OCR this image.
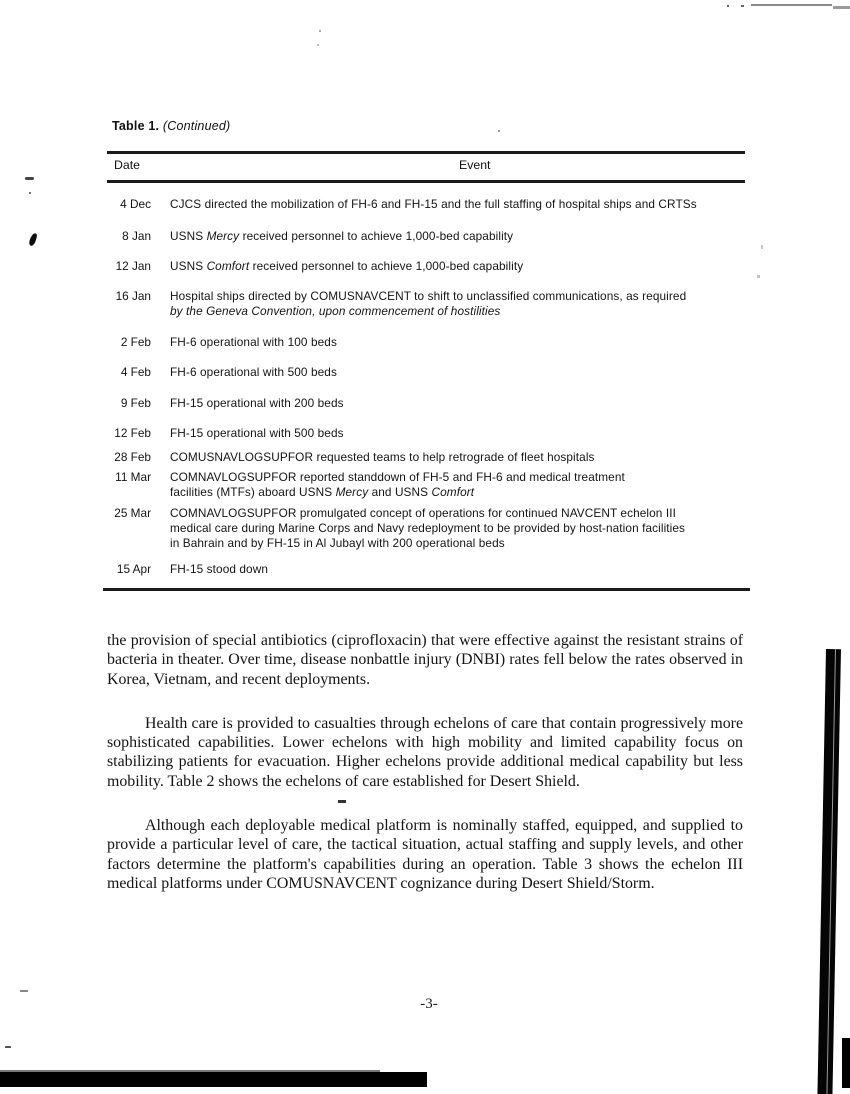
Table 1. (Continued)
Date	Event
4 Dec CJCS directed the mobilization of FH-6 and FH-15 and the full staffing of hospital ships and CRTSs
8 Jan USNS Mercy received personnel to achieve 1,000-bed capability
12 Jan USNS Comfort received personnel to achieve 1,000-bed capability
16 Jan Hospital ships directed by COMUSNAVCENT to shift to unclassified communications, as required
by the Geneva Convention, upon commencement of hostilities
2 Feb FH-6 operational with 100 beds
4 Feb FH-6 operational with 500 beds
9 Feb FH-15 operational with 200 beds
12 Feb FH-15 operational with 500 beds
28 Feb COMUSNAVLOGSUPFOR requested teams to help retrograde of fleet hospitals
11 Mar COMNAVLOGSUPFOR reported standdown of FH-5 and FH-6 and medical treatment
facilities (MTFs) aboard USNS Mercy and USNS Comfort
25 Mar COMNAVLOGSUPFOR promulgated concept of operations for continued NAVCENT echelon III
medical care during Marine Corps and Navy redeployment to be provided by host-nation facilities
in Bahrain and by FH-15 in Al Jubayl with 200 operational beds
15 Apr FH-15 stood down

the provision of special antibiotics (ciprofloxacin) that were effective against the resistant strains of bacteria in theater. Over time, disease nonbattle injury (DNBI) rates fell below the rates observed in Korea, Vietnam, and recent deployments.

Health care is provided to casualties through echelons of care that contain progressively more sophisticated capabilities. Lower echelons with high mobility and limited capability focus on stabilizing patients for evacuation. Higher echelons provide additional medical capability but less mobility. Table 2 shows the echelons of care established for Desert Shield.

Although each deployable medical platform is nominally staffed, equipped, and supplied to provide a particular level of care, the tactical situation, actual staffing and supply levels, and other factors determine the platform's capabilities during an operation. Table 3 shows the echelon III medical platforms under COMUSNAVCENT cognizance during Desert Shield/Storm.

-3-
